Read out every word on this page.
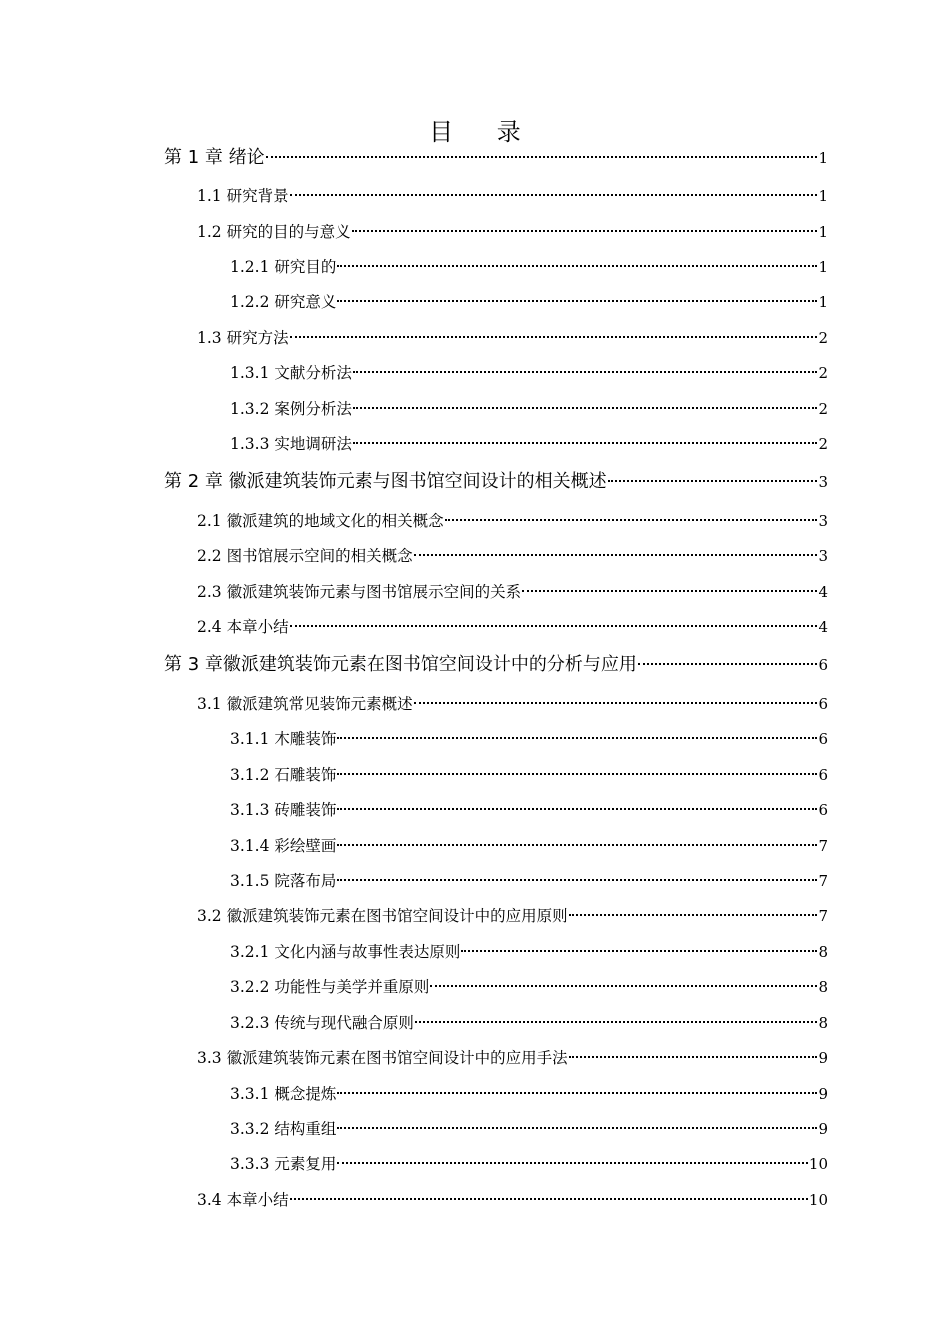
目 录
第 1 章 绪论	1
1.1 研究背景	1
1.2 研究的目的与意义	1
1.2.1 研究目的	1
1.2.2 研究意义	1
1.3 研究方法	2
1.3.1 文献分析法	2
1.3.2 案例分析法	2
1.3.3 实地调研法	2
第 2 章 徽派建筑装饰元素与图书馆空间设计的相关概述	3
2.1 徽派建筑的地域文化的相关概念	3
2.2 图书馆展示空间的相关概念	3
2.3 徽派建筑装饰元素与图书馆展示空间的关系	4
2.4 本章小结	4
第 3 章徽派建筑装饰元素在图书馆空间设计中的分析与应用	6
3.1 徽派建筑常见装饰元素概述	6
3.1.1 木雕装饰	6
3.1.2 石雕装饰	6
3.1.3 砖雕装饰	6
3.1.4 彩绘壁画	7
3.1.5 院落布局	7
3.2 徽派建筑装饰元素在图书馆空间设计中的应用原则	7
3.2.1 文化内涵与故事性表达原则	8
3.2.2 功能性与美学并重原则	8
3.2.3 传统与现代融合原则	8
3.3 徽派建筑装饰元素在图书馆空间设计中的应用手法	9
3.3.1 概念提炼	9
3.3.2 结构重组	9
3.3.3 元素复用	10
3.4 本章小结	10
